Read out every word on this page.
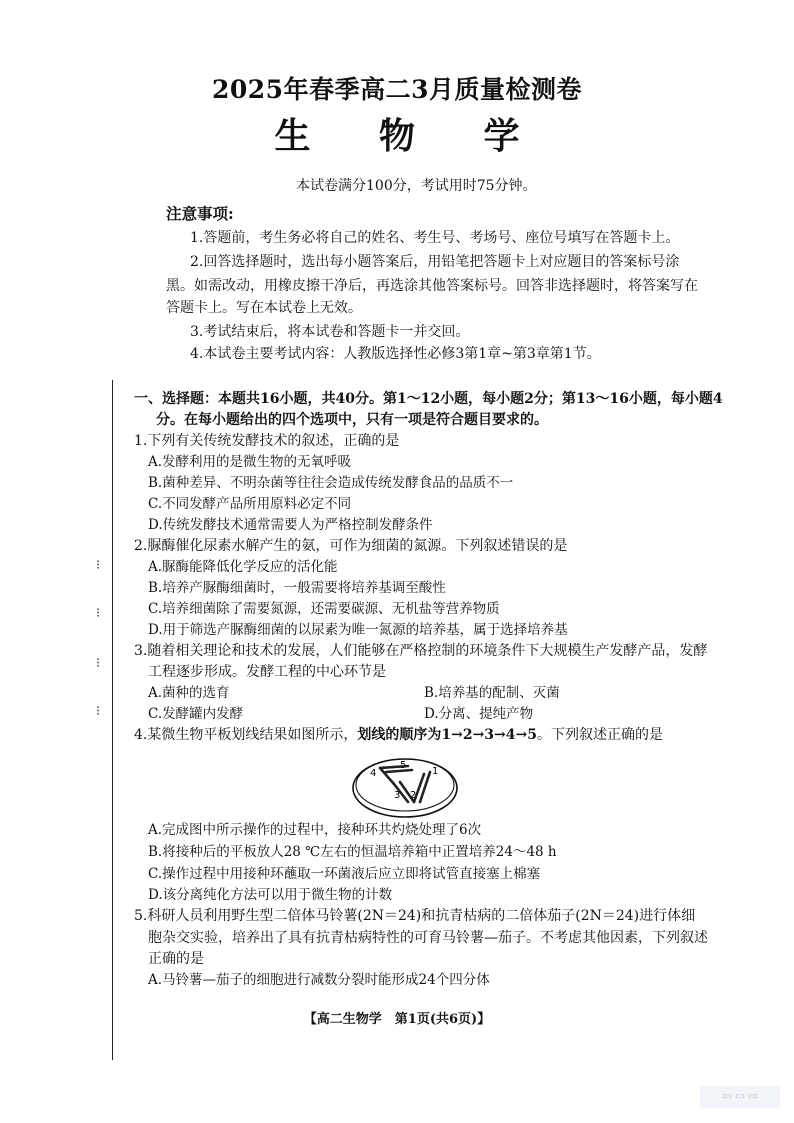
⁝
⁝
⁝
⁝
2025年春季高二3月质量检测卷
生 物 学
本试卷满分100分，考试用时75分钟。
注意事项:
1.答题前，考生务必将自己的姓名、考生号、考场号、座位号填写在答题卡上。
2.回答选择题时，选出每小题答案后，用铅笔把答题卡上对应题目的答案标号涂
黑。如需改动，用橡皮擦干净后，再选涂其他答案标号。回答非选择题时，将答案写在
答题卡上。写在本试卷上无效。
3.考试结束后，将本试卷和答题卡一并交回。
4.本试卷主要考试内容：人教版选择性必修3第1章~第3章第1节。
一、选择题：本题共16小题，共40分。第1～12小题，每小题2分；第13～16小题，每小题4
分。在每小题给出的四个选项中，只有一项是符合题目要求的。
1.下列有关传统发酵技术的叙述，正确的是
A.发酵利用的是微生物的无氧呼吸
B.菌种差异、不明杂菌等往往会造成传统发酵食品的品质不一
C.不同发酵产品所用原料必定不同
D.传统发酵技术通常需要人为严格控制发酵条件
2.脲酶催化尿素水解产生的氨，可作为细菌的氮源。下列叙述错误的是
A.脲酶能降低化学反应的活化能
B.培养产脲酶细菌时，一般需要将培养基调至酸性
C.培养细菌除了需要氮源，还需要碳源、无机盐等营养物质
D.用于筛选产脲酶细菌的以尿素为唯一氮源的培养基，属于选择培养基
3.随着相关理论和技术的发展，人们能够在严格控制的环境条件下大规模生产发酵产品，发酵
工程逐步形成。发酵工程的中心环节是
A.菌种的选育	B.培养基的配制、灭菌
C.发酵罐内发酵	D.分离、提纯产物
4.某微生物平板划线结果如图所示，划线的顺序为1→2→3→4→5。下列叙述正确的是
1
2
3
4
5
A.完成图中所示操作的过程中，接种环共灼烧处理了6次
B.将接种后的平板放人28 ℃左右的恒温培养箱中正置培养24～48 h
C.操作过程中用接种环蘸取一环菌液后应立即将试管直接塞上棉塞
D.该分离纯化方法可以用于微生物的计数
5.科研人员利用野生型二倍体马铃薯(2N＝24)和抗青枯病的二倍体茄子(2N＝24)进行体细
胞杂交实验，培养出了具有抗青枯病特性的可育马铃薯—茄子。不考虑其他因素，下列叙述
正确的是
A.马铃薯—茄子的细胞进行减数分裂时能形成24个四分体
【高二生物学　第1页(共6页)】
▭ ▭ ▭
